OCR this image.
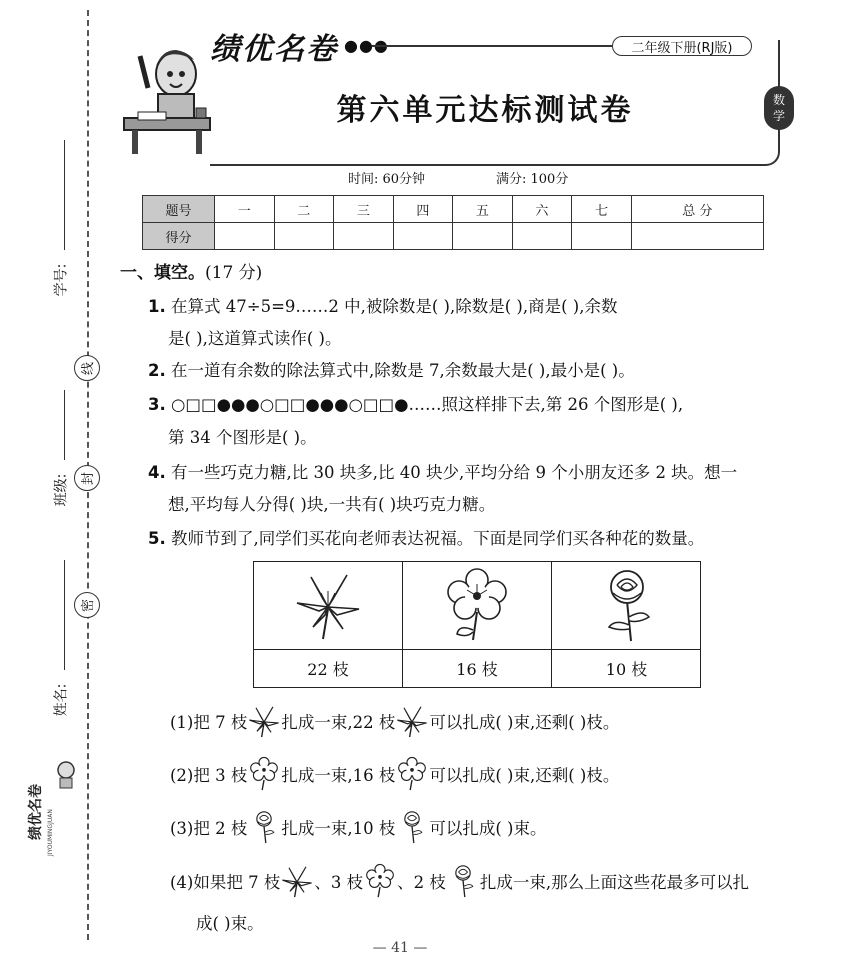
学号:
线
班级: 封
姓名:
密
绩优名卷 JIYOUMINGJUAN
绩优名卷 ●●●	二年级下册(RJ版)
数
学
第六单元达标测试卷
时间: 60分钟	满分: 100分
题号	一	二	三	四	五	六	七	总 分
得分								
一、填空。(17 分)
1. 在算式 47÷5=9……2 中,被除数是( ),除数是( ),商是( ),余数
是( ),这道算式读作( )。
2. 在一道有余数的除法算式中,除数是 7,余数最大是( ),最小是( )。
3. ○□□●●●○□□●●●○□□●……照这样排下去,第 26 个图形是( ),
第 34 个图形是( )。
4. 有一些巧克力糖,比 30 块多,比 40 块少,平均分给 9 个小朋友还多 2 块。想一
想,平均每人分得( )块,一共有( )块巧克力糖。
5. 教师节到了,同学们买花向老师表达祝福。下面是同学们买各种花的数量。
22 枝	16 枝	10 枝
(1)把 7 枝 扎成一束,22 枝 可以扎成( )束,还剩( )枝。
(2)把 3 枝 扎成一束,16 枝 可以扎成( )束,还剩( )枝。
(3)把 2 枝 扎成一束,10 枝 可以扎成( )束。
(4)如果把 7 枝 、3 枝 、2 枝 扎成一束,那么上面这些花最多可以扎
成( )束。
— 41 —
